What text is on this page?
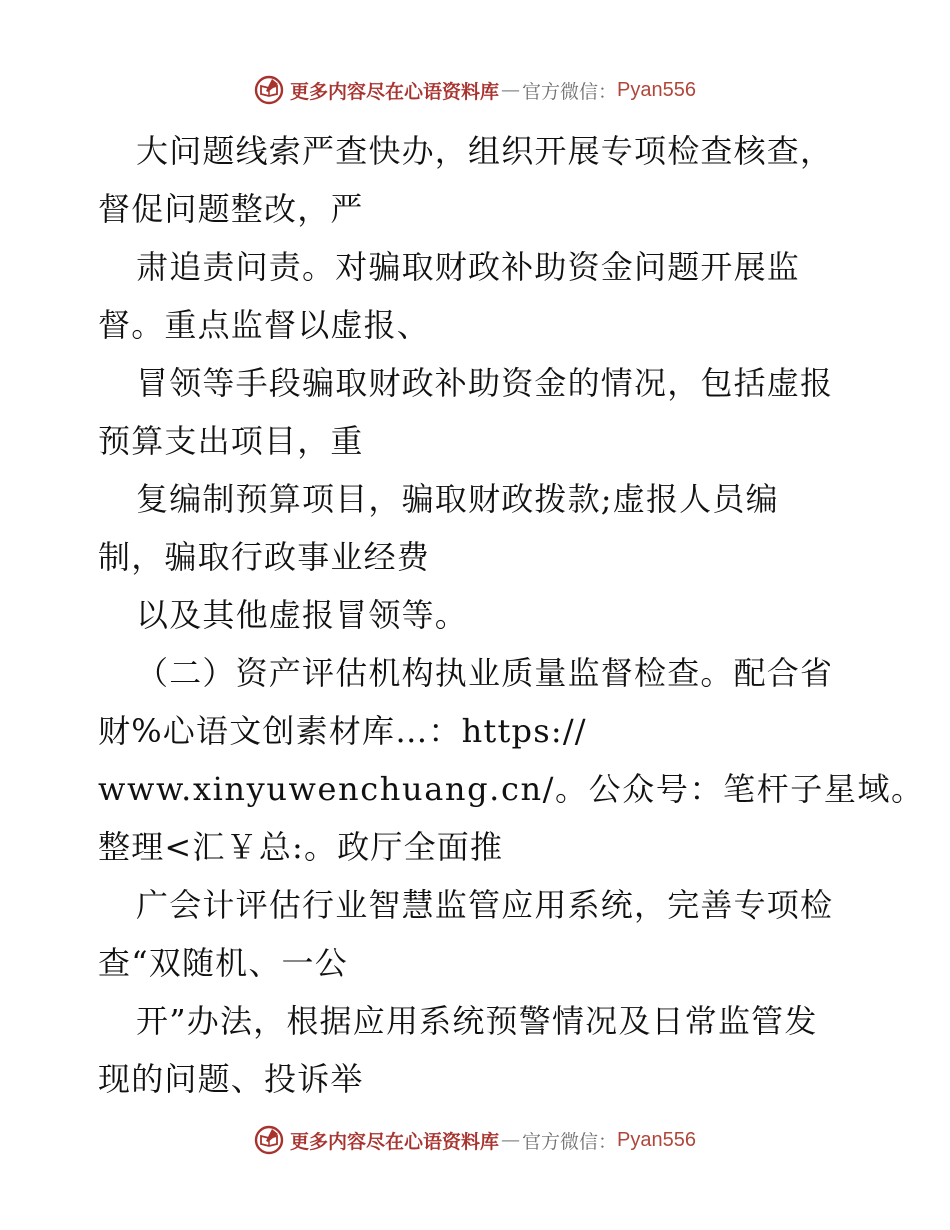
更多内容尽在心语资料库 — 官方微信： Pyan556
大问题线索严查快办，组织开展专项检查核查，
督促问题整改，严
肃追责问责。对骗取财政补助资金问题开展监
督。重点监督以虚报、
冒领等手段骗取财政补助资金的情况，包括虚报
预算支出项目，重
复编制预算项目，骗取财政拨款;虚报人员编
制，骗取行政事业经费
以及其他虚报冒领等。
（二）资产评估机构执业质量监督检查。配合省
财%心语文创素材库…：https://
www.xinyuwenchuang.cn/。公众号：笔杆子星域。
整理<汇￥总:。政厅全面推
广会计评估行业智慧监管应用系统，完善专项检
查“双随机、一公
开”办法，根据应用系统预警情况及日常监管发
现的问题、投诉举
更多内容尽在心语资料库 — 官方微信： Pyan556
